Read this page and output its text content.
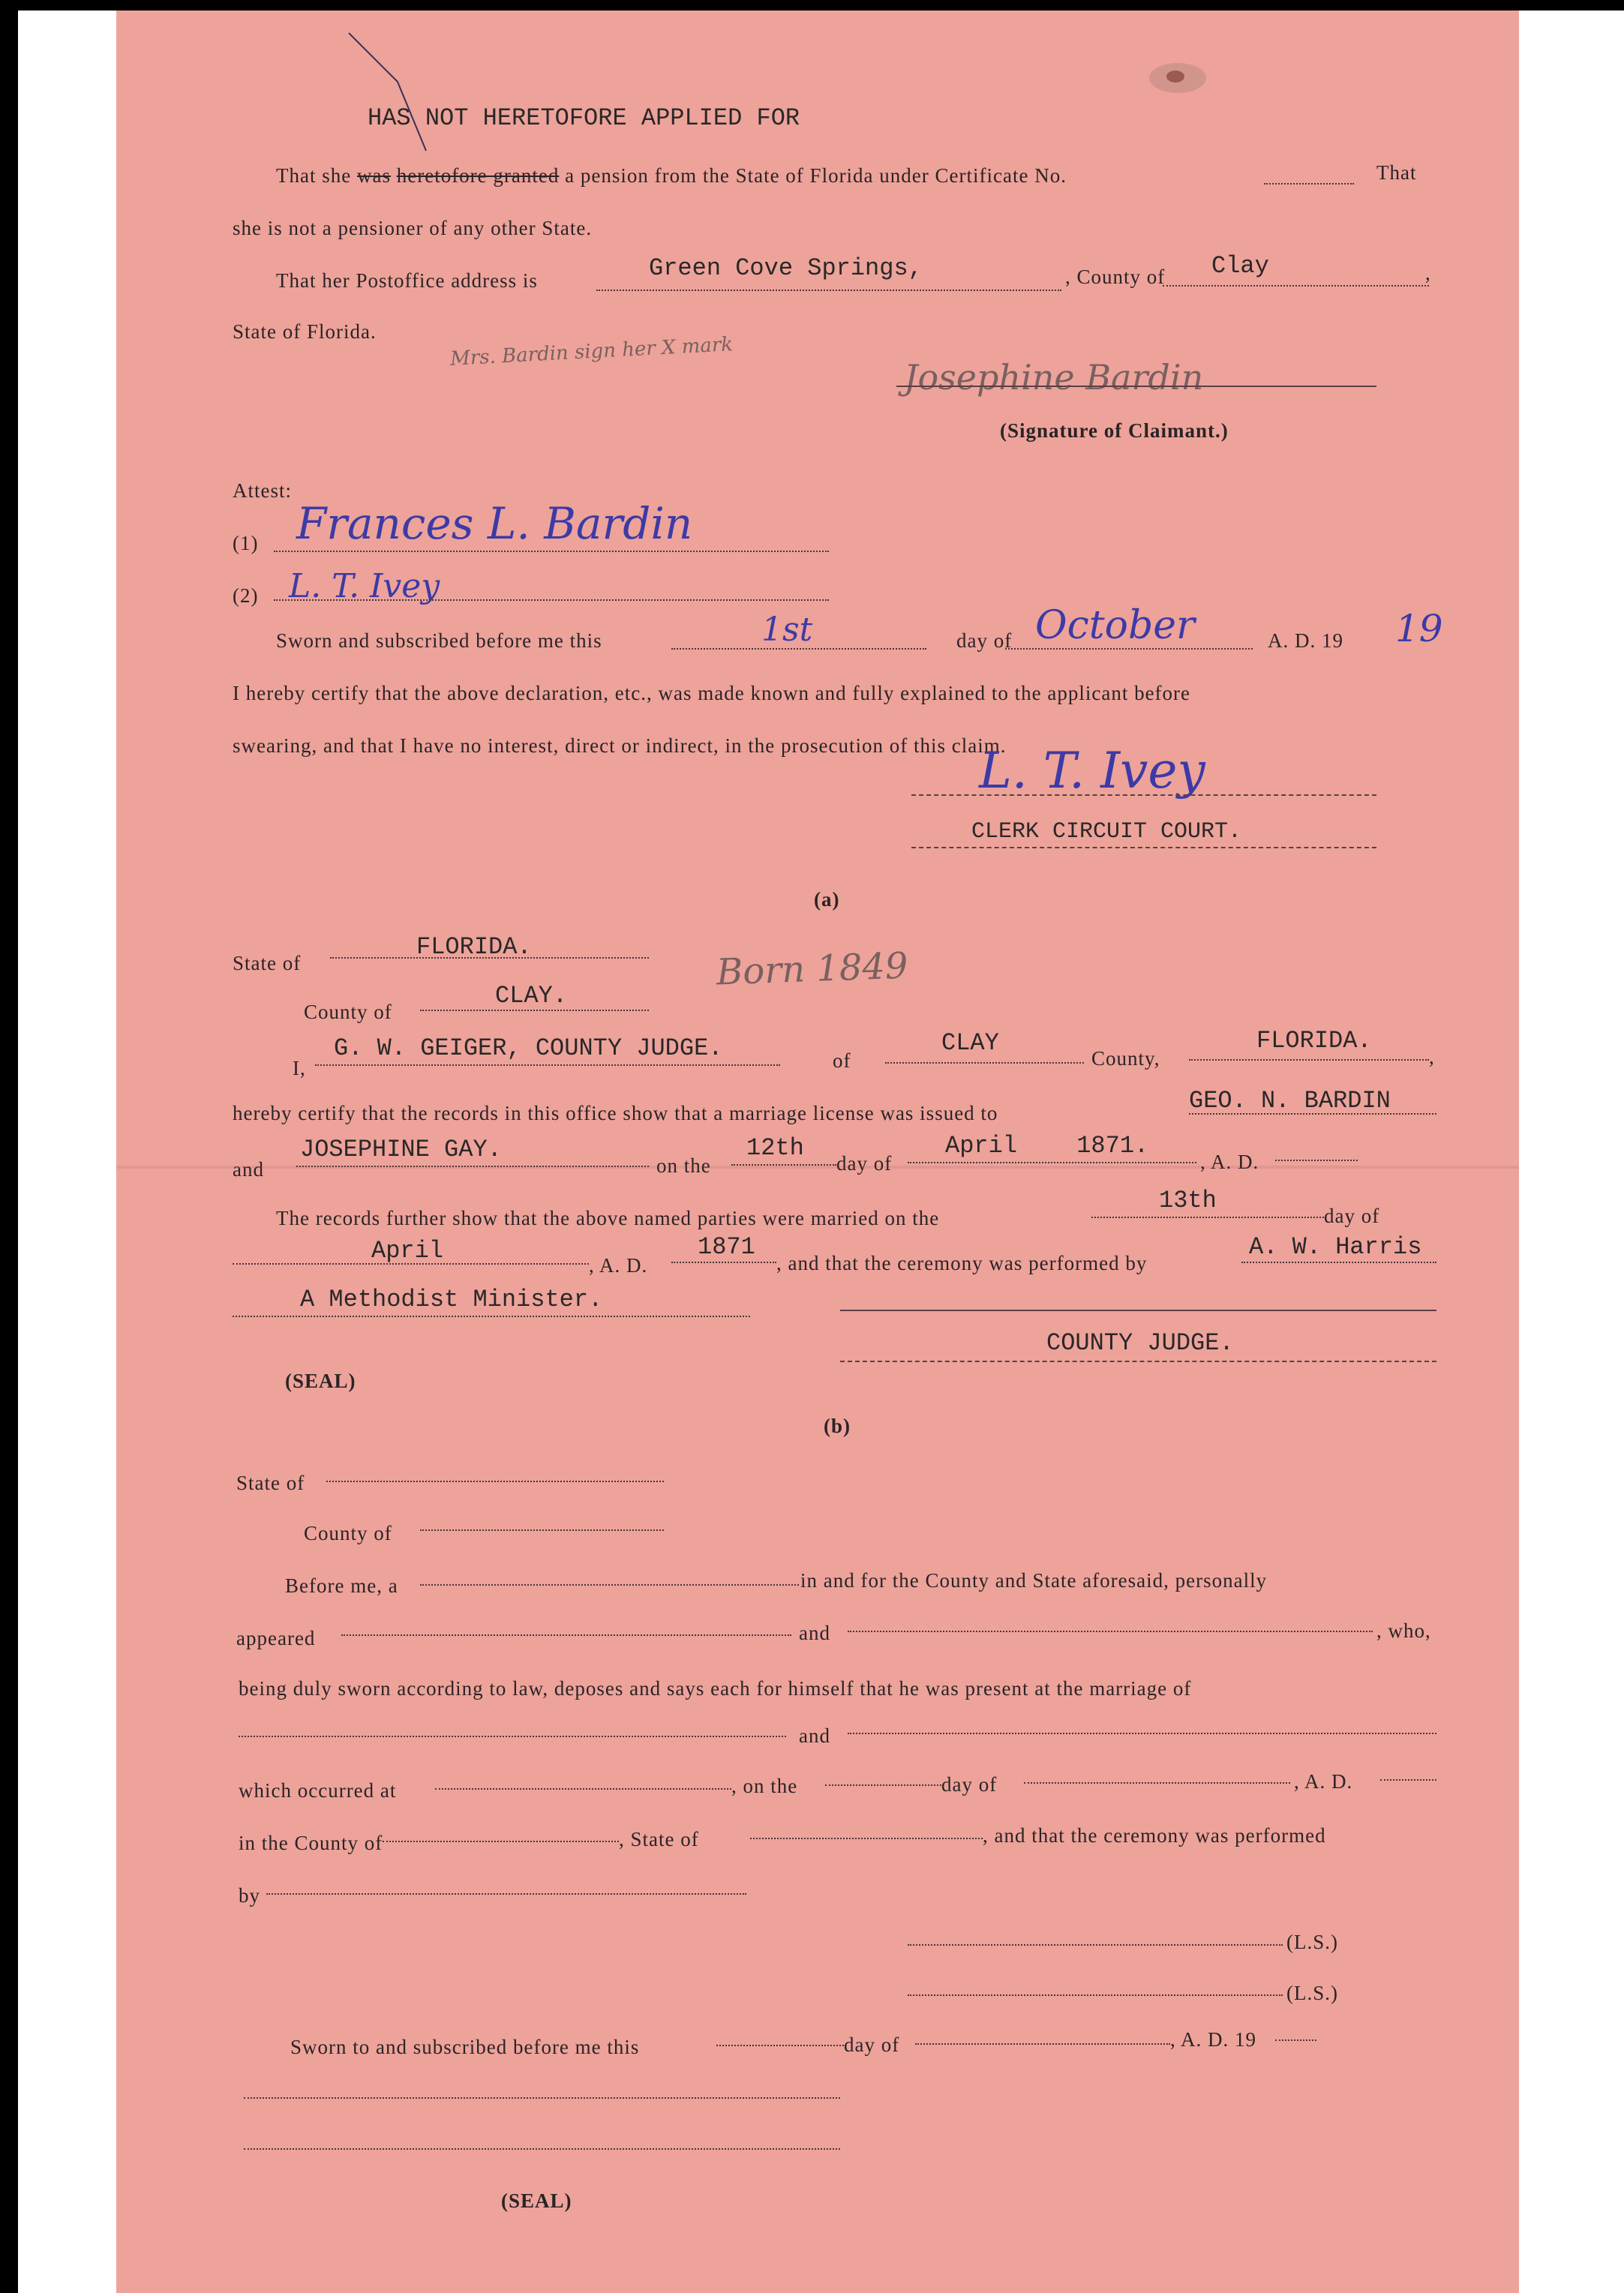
HAS NOT HERETOFORE APPLIED FOR
That she was heretofore granted a pension from the State of Florida under Certificate No.	That
she is not a pensioner of any other State.
That her Postoffice address is	Green Cove Springs,	, County of Clay	,
State of Florida.
Mrs. Bardin sign her X mark
Josephine Bardin
(Signature of Claimant.)
Attest:
(1) Frances L. Bardin
(2) L. T. Ivey
Sworn and subscribed before me this	1st	day of October	A. D. 19 19
I hereby certify that the above declaration, etc., was made known and fully explained to the applicant before
swearing, and that I have no interest, direct or indirect, in the prosecution of this claim.
L. T. Ivey
CLERK CIRCUIT COURT.
(a)
State of
FLORIDA.	Born 1849
County of
CLAY.
I,
G. W. GEIGER, COUNTY JUDGE.	of
CLAY
County,
FLORIDA.
,
hereby certify that the records in this office show that a marriage license was issued to	GEO. N. BARDIN
and
JOSEPHINE GAY.
on the
12th
day of
April 1871.
, A. D.
The records further show that the above named parties were married on the
13th
day of
April
, A. D.
1871
, and that the ceremony was performed by
A. W. Harris
A Methodist Minister.
COUNTY JUDGE.
(SEAL)
(b)
State of
County of
Before me, a	in and for the County and State aforesaid, personally
appeared	and	, who,
being duly sworn according to law, deposes and says each for himself that he was present at the marriage of
and
which occurred at	, on the	day of	, A. D.
in the County of	, State of	, and that the ceremony was performed
by
(L.S.)
(L.S.)
Sworn to and subscribed before me this	day of	, A. D. 19
(SEAL)
